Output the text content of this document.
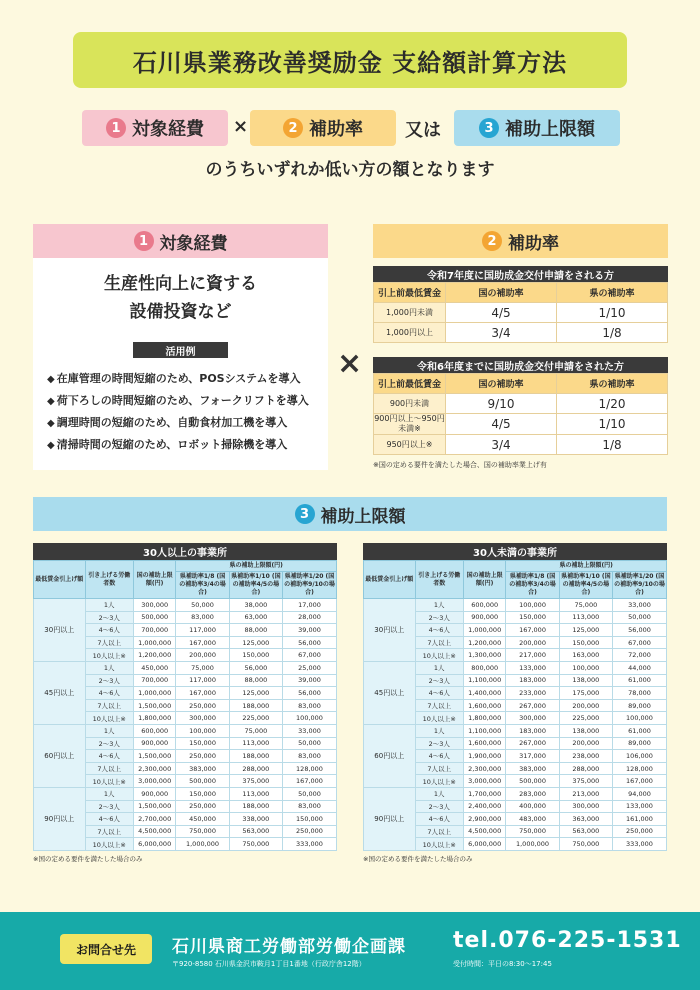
石川県業務改善奨励金 支給額計算方法
1 対象経費 ×	2 補助率 又は	3 補助上限額
のうちいずれか低い方の額となります
1 対象経費
生産性向上に資する
設備投資など
活用例
◆ 在庫管理の時間短縮のため、POSシステムを導入
◆ 荷下ろしの時間短縮のため、フォークリフトを導入
◆ 調理時間の短縮のため、自動食材加工機を導入
◆ 清掃時間の短縮のため、ロボット掃除機を導入
×
2 補助率
令和7年度に国助成金交付申請をされる方
引上前最低賃金	国の補助率	県の補助率
1,000円未満	4/5	1/10
1,000円以上	3/4	1/8
令和6年度までに国助成金交付申請をされた方
引上前最低賃金	国の補助率	県の補助率
900円未満	9/10	1/20
900円以上～950円未満※	4/5	1/10
950円以上※	3/4	1/8
※国の定める要件を満たした場合、国の補助率業上げ有
3 補助上限額
30人以上の事業所
最低賃金引上げ額	引き上げる労働者数	国の補助上限額(円)	県の補助上限額(円)		
			県補助率1/8 (国の補助率3/4の場合)	県補助率1/10 (国の補助率4/5の場合)	県補助率1/20 (国の補助率9/10の場合)
30円以上	1人	300,000	50,000	38,000	17,000
	2～3人	500,000	83,000	63,000	28,000
	4～6人	700,000	117,000	88,000	39,000
	7人以上	1,000,000	167,000	125,000	56,000
	10人以上※	1,200,000	200,000	150,000	67,000
45円以上	1人	450,000	75,000	56,000	25,000
	2～3人	700,000	117,000	88,000	39,000
	4～6人	1,000,000	167,000	125,000	56,000
	7人以上	1,500,000	250,000	188,000	83,000
	10人以上※	1,800,000	300,000	225,000	100,000
60円以上	1人	600,000	100,000	75,000	33,000
	2～3人	900,000	150,000	113,000	50,000
	4～6人	1,500,000	250,000	188,000	83,000
	7人以上	2,300,000	383,000	288,000	128,000
	10人以上※	3,000,000	500,000	375,000	167,000
90円以上	1人	900,000	150,000	113,000	50,000
	2～3人	1,500,000	250,000	188,000	83,000
	4～6人	2,700,000	450,000	338,000	150,000
	7人以上	4,500,000	750,000	563,000	250,000
	10人以上※	6,000,000	1,000,000	750,000	333,000
※国の定める要件を満たした場合のみ
30人未満の事業所
最低賃金引上げ額	引き上げる労働者数	国の補助上限額(円)	県の補助上限額(円)		
			県補助率1/8 (国の補助率3/4の場合)	県補助率1/10 (国の補助率4/5の場合)	県補助率1/20 (国の補助率9/10の場合)
30円以上	1人	600,000	100,000	75,000	33,000
	2～3人	900,000	150,000	113,000	50,000
	4～6人	1,000,000	167,000	125,000	56,000
	7人以上	1,200,000	200,000	150,000	67,000
	10人以上※	1,300,000	217,000	163,000	72,000
45円以上	1人	800,000	133,000	100,000	44,000
	2～3人	1,100,000	183,000	138,000	61,000
	4～6人	1,400,000	233,000	175,000	78,000
	7人以上	1,600,000	267,000	200,000	89,000
	10人以上※	1,800,000	300,000	225,000	100,000
60円以上	1人	1,100,000	183,000	138,000	61,000
	2～3人	1,600,000	267,000	200,000	89,000
	4～6人	1,900,000	317,000	238,000	106,000
	7人以上	2,300,000	383,000	288,000	128,000
	10人以上※	3,000,000	500,000	375,000	167,000
90円以上	1人	1,700,000	283,000	213,000	94,000
	2～3人	2,400,000	400,000	300,000	133,000
	4～6人	2,900,000	483,000	363,000	161,000
	7人以上	4,500,000	750,000	563,000	250,000
	10人以上※	6,000,000	1,000,000	750,000	333,000
※国の定める要件を満たした場合のみ
お問合せ先	石川県商工労働部労働企画課
〒920-8580 石川県金沢市鞍月1丁目1番地（行政庁舎12階）
tel.076-225-1531
受付時間：平日の8:30～17:45
